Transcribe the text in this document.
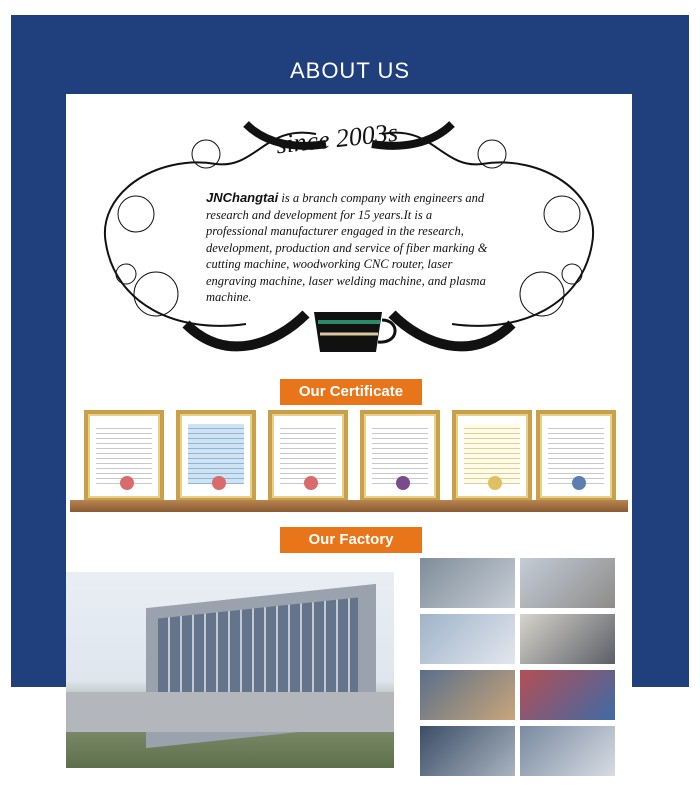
ABOUT US
since 2003s
JNChangtai is a branch company with engineers and research and development for 15 years.It is a professional manufacturer engaged in the research, development, production and service of fiber marking & cutting machine, woodworking CNC router, laser engraving machine, laser welding machine, and plasma machine.
Our Certificate
Our Factory
